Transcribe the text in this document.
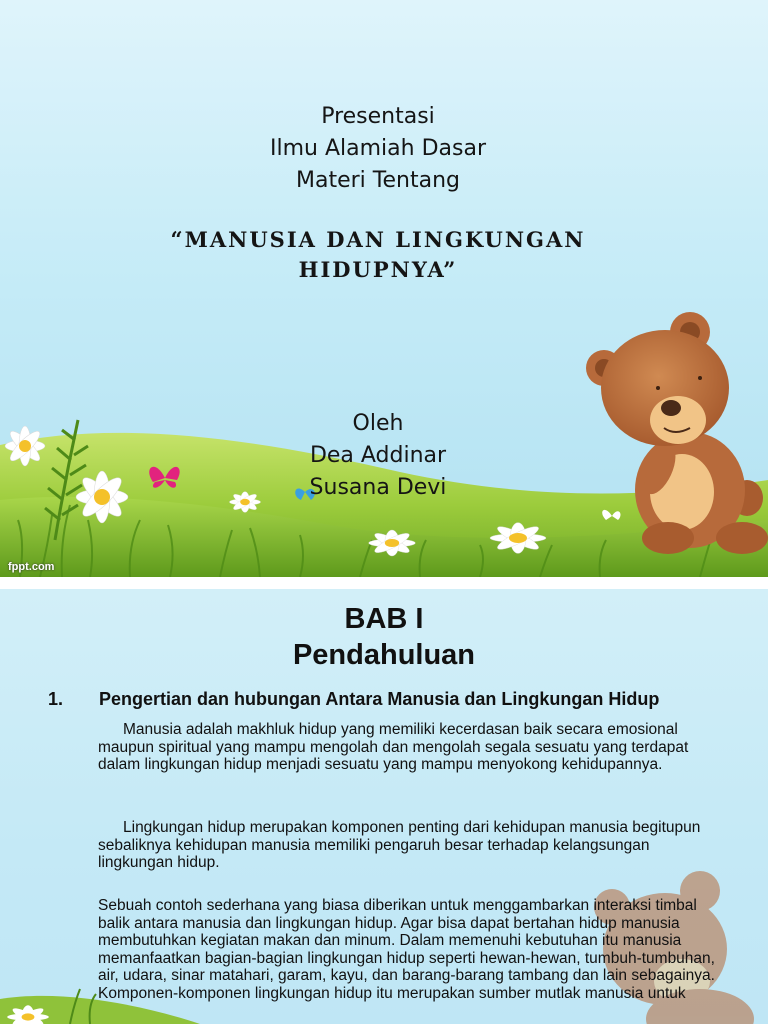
Presentasi
Ilmu Alamiah Dasar
Materi Tentang
“MANUSIA DAN LINGKUNGAN
HIDUPNYA”
Oleh
Dea Addinar
Susana Devi
fppt.com
BAB I
Pendahuluan
1. Pengertian dan hubungan Antara Manusia dan Lingkungan Hidup

Manusia adalah makhluk hidup yang memiliki kecerdasan baik secara emosional maupun spiritual yang mampu mengolah dan mengolah segala sesuatu yang terdapat dalam lingkungan hidup menjadi sesuatu yang mampu menyokong kehidupannya.

Lingkungan hidup merupakan komponen penting dari kehidupan manusia begitupun sebaliknya kehidupan manusia memiliki pengaruh besar terhadap kelangsungan lingkungan hidup.

Sebuah contoh sederhana yang biasa diberikan untuk menggambarkan interaksi timbal balik antara manusia dan lingkungan hidup. Agar bisa dapat bertahan hidup manusia membutuhkan kegiatan makan dan minum. Dalam memenuhi kebutuhan itu manusia memanfaatkan bagian-bagian lingkungan hidup seperti hewan-hewan, tumbuh-tumbuhan, air, udara, sinar matahari, garam, kayu, dan barang-barang tambang dan lain sebagainya. Komponen-komponen lingkungan hidup itu merupakan sumber mutlak manusia untuk
